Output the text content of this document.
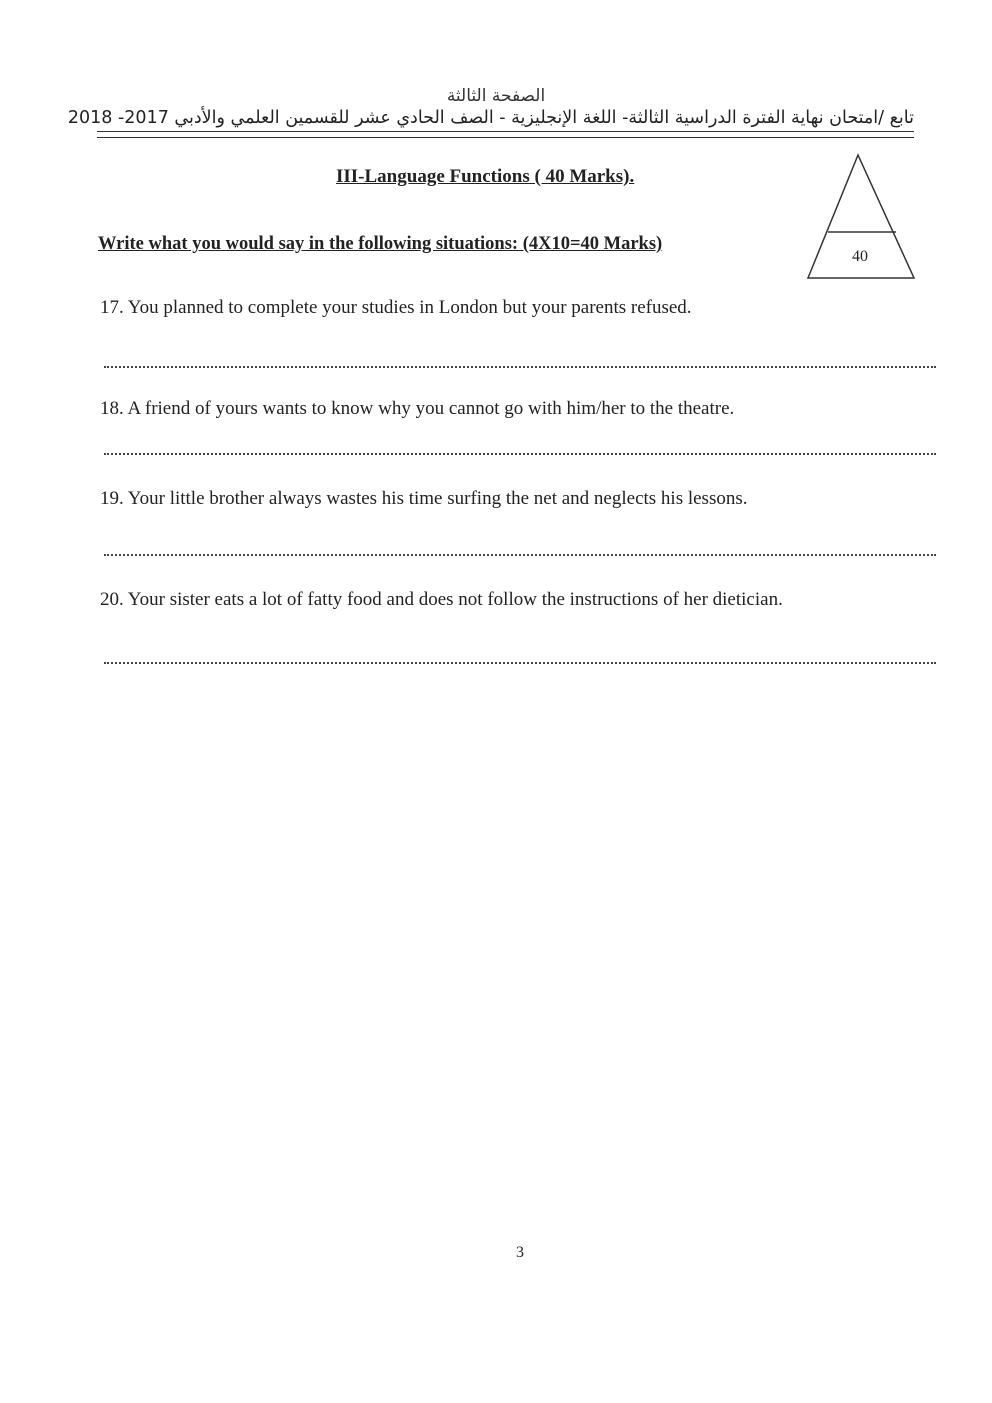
الصفحة الثالثة
تابع /امتحان نهاية الفترة الدراسية الثالثة- اللغة الإنجليزية - الصف الحادي عشر للقسمين العلمي والأدبي 2017- 2018
III-Language Functions ( 40 Marks).
Write what you would say in the following situations: (4X10=40 Marks)
40
17. You planned to complete your studies in London but your parents refused.
18. A friend of yours wants to know why you cannot go with him/her to the theatre.
19. Your little brother always wastes his time surfing the net and neglects his lessons.
20. Your sister eats a lot of fatty food and does not follow the instructions of her dietician.
3
